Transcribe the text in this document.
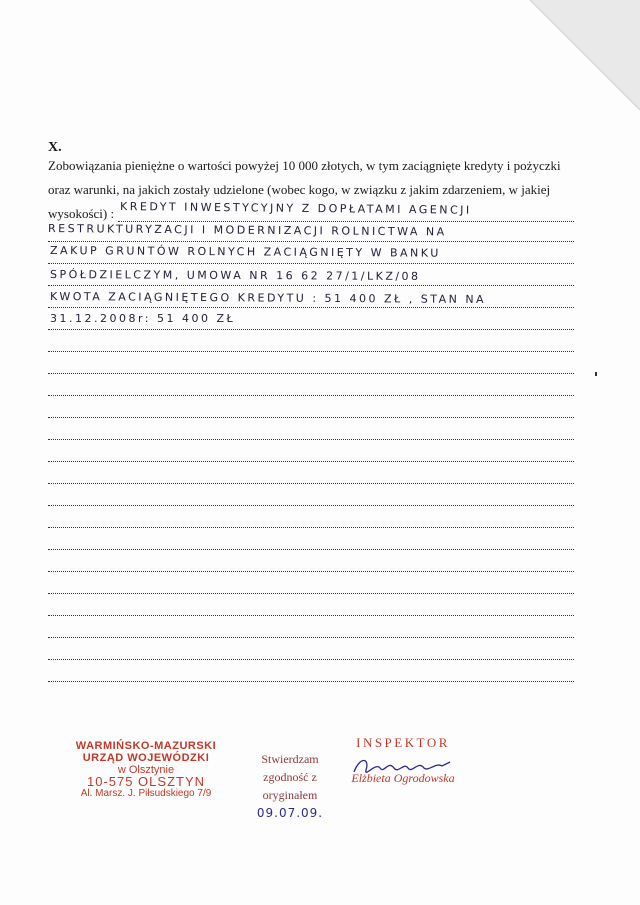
X.
Zobowiązania pieniężne o wartości powyżej 10 000 złotych, w tym zaciągnięte kredyty i pożyczki
oraz warunki, na jakich zostały udzielone (wobec kogo, w związku z jakim zdarzeniem, w jakiej
wysokości) : KREDYT INWESTYCYJNY Z DOPŁATAMI AGENCJI
RESTRUKTURYZACJI I MODERNIZACJI ROLNICTWA NA
ZAKUP GRUNTÓW ROLNYCH ZACIĄGNIĘTY W BANKU
SPÓŁDZIELCZYM, UMOWA NR 16 62 27/1/LKZ/08
KWOTA ZACIĄGNIĘTEGO KREDYTU : 51 400 ZŁ , STAN NA
31.12.2008r: 51 400 ZŁ
WARMIŃSKO-MAZURSKI
URZĄD WOJEWÓDZKI
w Olsztynie
10-575 OLSZTYN
Al. Marsz. J. Piłsudskiego 7/9
Stwierdzam
zgodność z oryginałem
09.07.09.
INSPEKTOR
Elżbieta Ogrodowska
